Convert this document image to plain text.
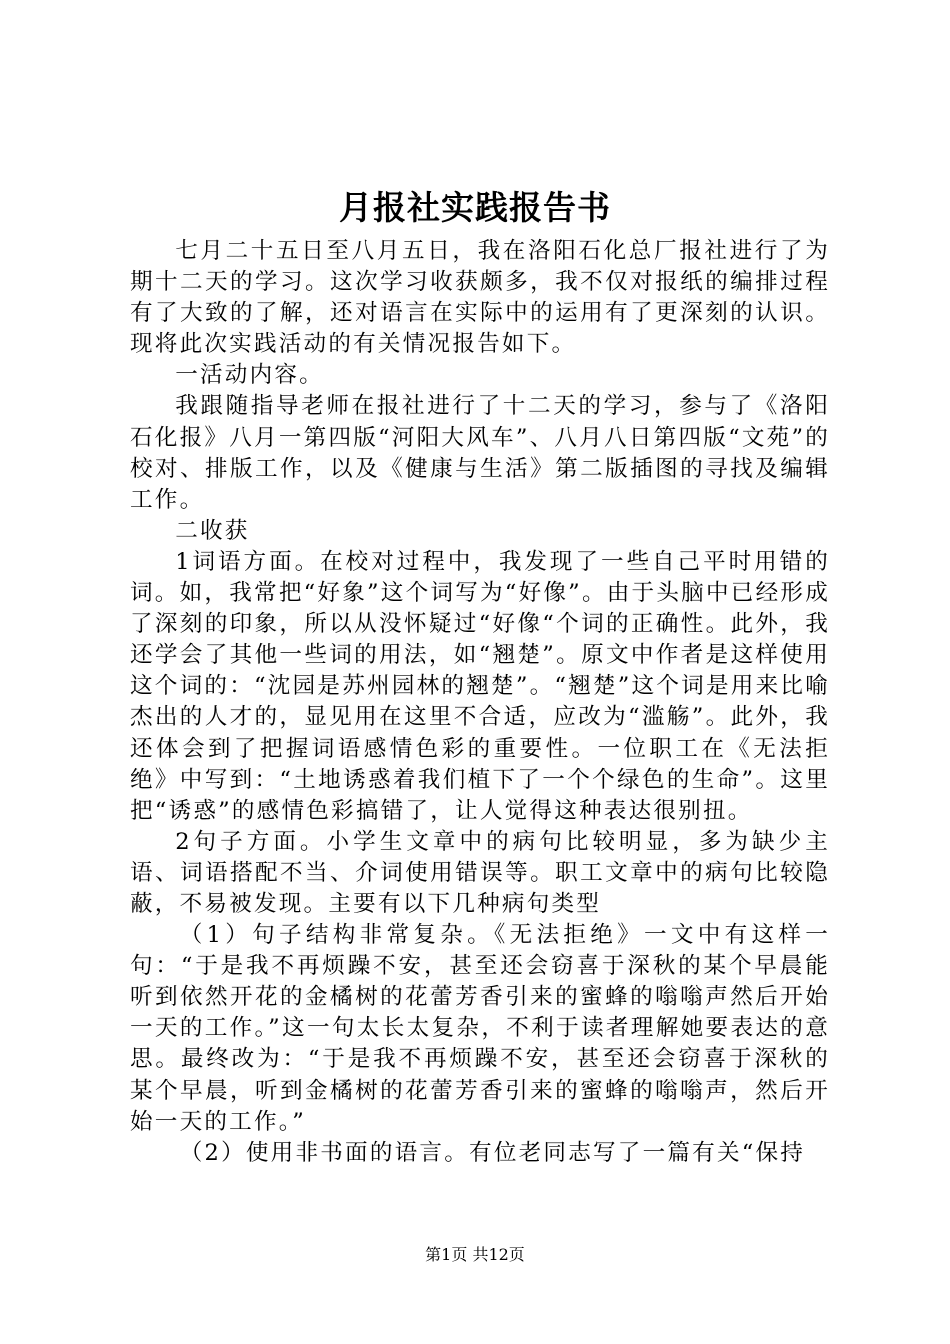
月报社实践报告书

七月二十五日至八月五日，我在洛阳石化总厂报社进行了为期十二天的学习。这次学习收获颇多，我不仅对报纸的编排过程有了大致的了解，还对语言在实际中的运用有了更深刻的认识。现将此次实践活动的有关情况报告如下。

一活动内容。

我跟随指导老师在报社进行了十二天的学习，参与了《洛阳石化报》八月一第四版“河阳大风车”、八月八日第四版“文苑”的校对、排版工作，以及《健康与生活》第二版插图的寻找及编辑工作。

二收获

1词语方面。在校对过程中，我发现了一些自己平时用错的词。如，我常把“好象”这个词写为“好像”。由于头脑中已经形成了深刻的印象，所以从没怀疑过“好像“个词的正确性。此外，我还学会了其他一些词的用法，如“翘楚”。原文中作者是这样使用这个词的：“沈园是苏州园林的翘楚”。“翘楚”这个词是用来比喻杰出的人才的，显见用在这里不合适，应改为“滥觞”。此外，我还体会到了把握词语感情色彩的重要性。一位职工在《无法拒绝》中写到：“土地诱惑着我们植下了一个个绿色的生命”。这里把“诱惑”的感情色彩搞错了，让人觉得这种表达很别扭。

2句子方面。小学生文章中的病句比较明显，多为缺少主语、词语搭配不当、介词使用错误等。职工文章中的病句比较隐蔽，不易被发现。主要有以下几种病句类型

（1）句子结构非常复杂。《无法拒绝》一文中有这样一句：“于是我不再烦躁不安，甚至还会窃喜于深秋的某个早晨能听到依然开花的金橘树的花蕾芳香引来的蜜蜂的嗡嗡声然后开始一天的工作。”这一句太长太复杂，不利于读者理解她要表达的意思。最终改为：“于是我不再烦躁不安，甚至还会窃喜于深秋的某个早晨，听到金橘树的花蕾芳香引来的蜜蜂的嗡嗡声，然后开始一天的工作。”

（2）使用非书面的语言。有位老同志写了一篇有关“保持

第1页 共12页
